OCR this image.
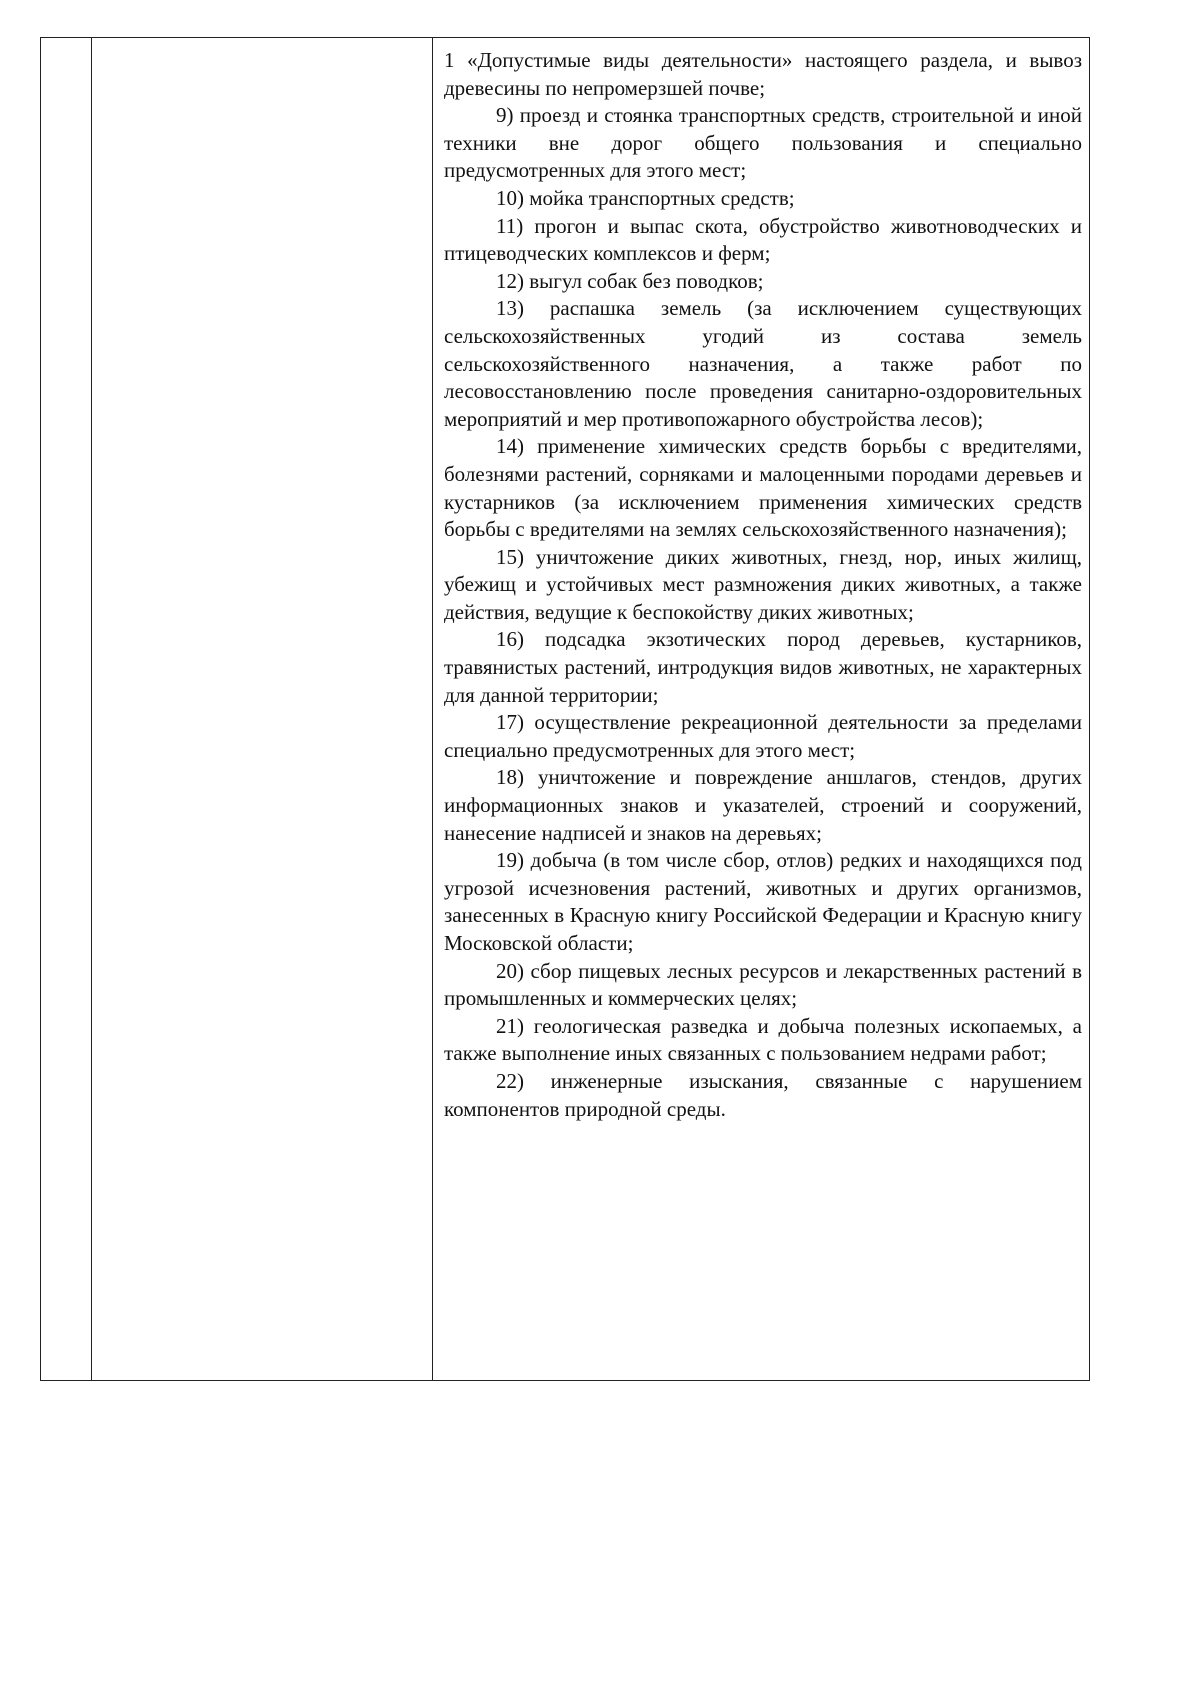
1 «Допустимые виды деятельности» настоящего раздела, и вывоз древесины по непромерзшей почве;

9) проезд и стоянка транспортных средств, строительной и иной техники вне дорог общего пользования и специально предусмотренных для этого мест;

10) мойка транспортных средств;

11) прогон и выпас скота, обустройство животноводческих и птицеводческих комплексов и ферм;

12) выгул собак без поводков;

13) распашка земель (за исключением существующих сельскохозяйственных угодий из состава земель сельскохозяйственного назначения, а также работ по лесовосстановлению после проведения санитарно-оздоровительных мероприятий и мер противопожарного обустройства лесов);

14) применение химических средств борьбы с вредителями, болезнями растений, сорняками и малоценными породами деревьев и кустарников (за исключением применения химических средств борьбы с вредителями на землях сельскохозяйственного назначения);

15) уничтожение диких животных, гнезд, нор, иных жилищ, убежищ и устойчивых мест размножения диких животных, а также действия, ведущие к беспокойству диких животных;

16) подсадка экзотических пород деревьев, кустарников, травянистых растений, интродукция видов животных, не характерных для данной территории;

17) осуществление рекреационной деятельности за пределами специально предусмотренных для этого мест;

18) уничтожение и повреждение аншлагов, стендов, других информационных знаков и указателей, строений и сооружений, нанесение надписей и знаков на деревьях;

19) добыча (в том числе сбор, отлов) редких и находящихся под угрозой исчезновения растений, животных и других организмов, занесенных в Красную книгу Российской Федерации и Красную книгу Московской области;

20) сбор пищевых лесных ресурсов и лекарственных растений в промышленных и коммерческих целях;

21) геологическая разведка и добыча полезных ископаемых, а также выполнение иных связанных с пользованием недрами работ;

22) инженерные изыскания, связанные с нарушением компонентов природной среды.
